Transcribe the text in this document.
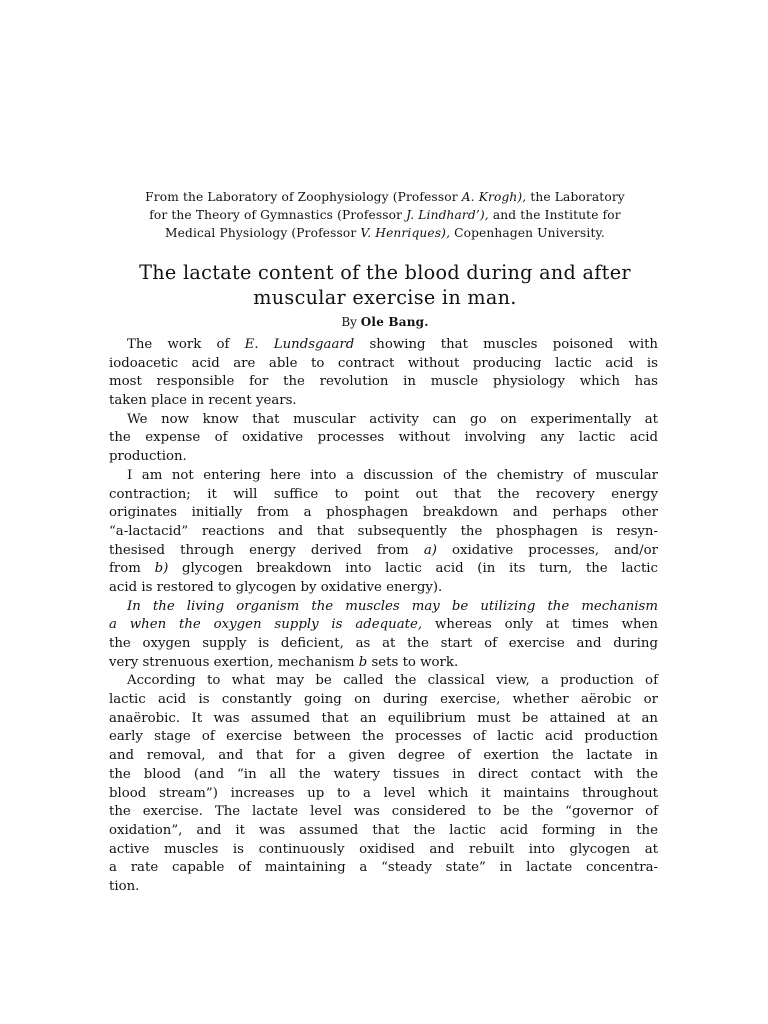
From the Laboratory of Zoophysiology (Professor A. Krogh), the Laboratory
for the Theory of Gymnastics (Professor J. Lindhard’), and the Institute for
Medical Physiology (Professor V. Henriques), Copenhagen University.
The lactate content of the blood during and after
muscular exercise in man.
By Ole Bang.
The work of E. Lundsgaard showing that muscles poisoned with
iodoacetic acid are able to contract without producing lactic acid is
most responsible for the revolution in muscle physiology which has
taken place in recent years.
We now know that muscular activity can go on experimentally at
the expense of oxidative processes without involving any lactic acid
production.
I am not entering here into a discussion of the chemistry of muscular
contraction; it will suffice to point out that the recovery energy
originates initially from a phosphagen breakdown and perhaps other
“a-lactacid” reactions and that subsequently the phosphagen is resyn-
thesised through energy derived from a) oxidative processes, and/or
from b) glycogen breakdown into lactic acid (in its turn, the lactic
acid is restored to glycogen by oxidative energy).
In the living organism the muscles may be utilizing the mechanism
a when the oxygen supply is adequate, whereas only at times when
the oxygen supply is deficient, as at the start of exercise and during
very strenuous exertion, mechanism b sets to work.
According to what may be called the classical view, a production of
lactic acid is constantly going on during exercise, whether aërobic or
anaërobic. It was assumed that an equilibrium must be attained at an
early stage of exercise between the processes of lactic acid production
and removal, and that for a given degree of exertion the lactate in
the blood (and “in all the watery tissues in direct contact with the
blood stream”) increases up to a level which it maintains throughout
the exercise. The lactate level was considered to be the “governor of
oxidation”, and it was assumed that the lactic acid forming in the
active muscles is continuously oxidised and rebuilt into glycogen at
a rate capable of maintaining a “steady state” in lactate concentra-
tion.
